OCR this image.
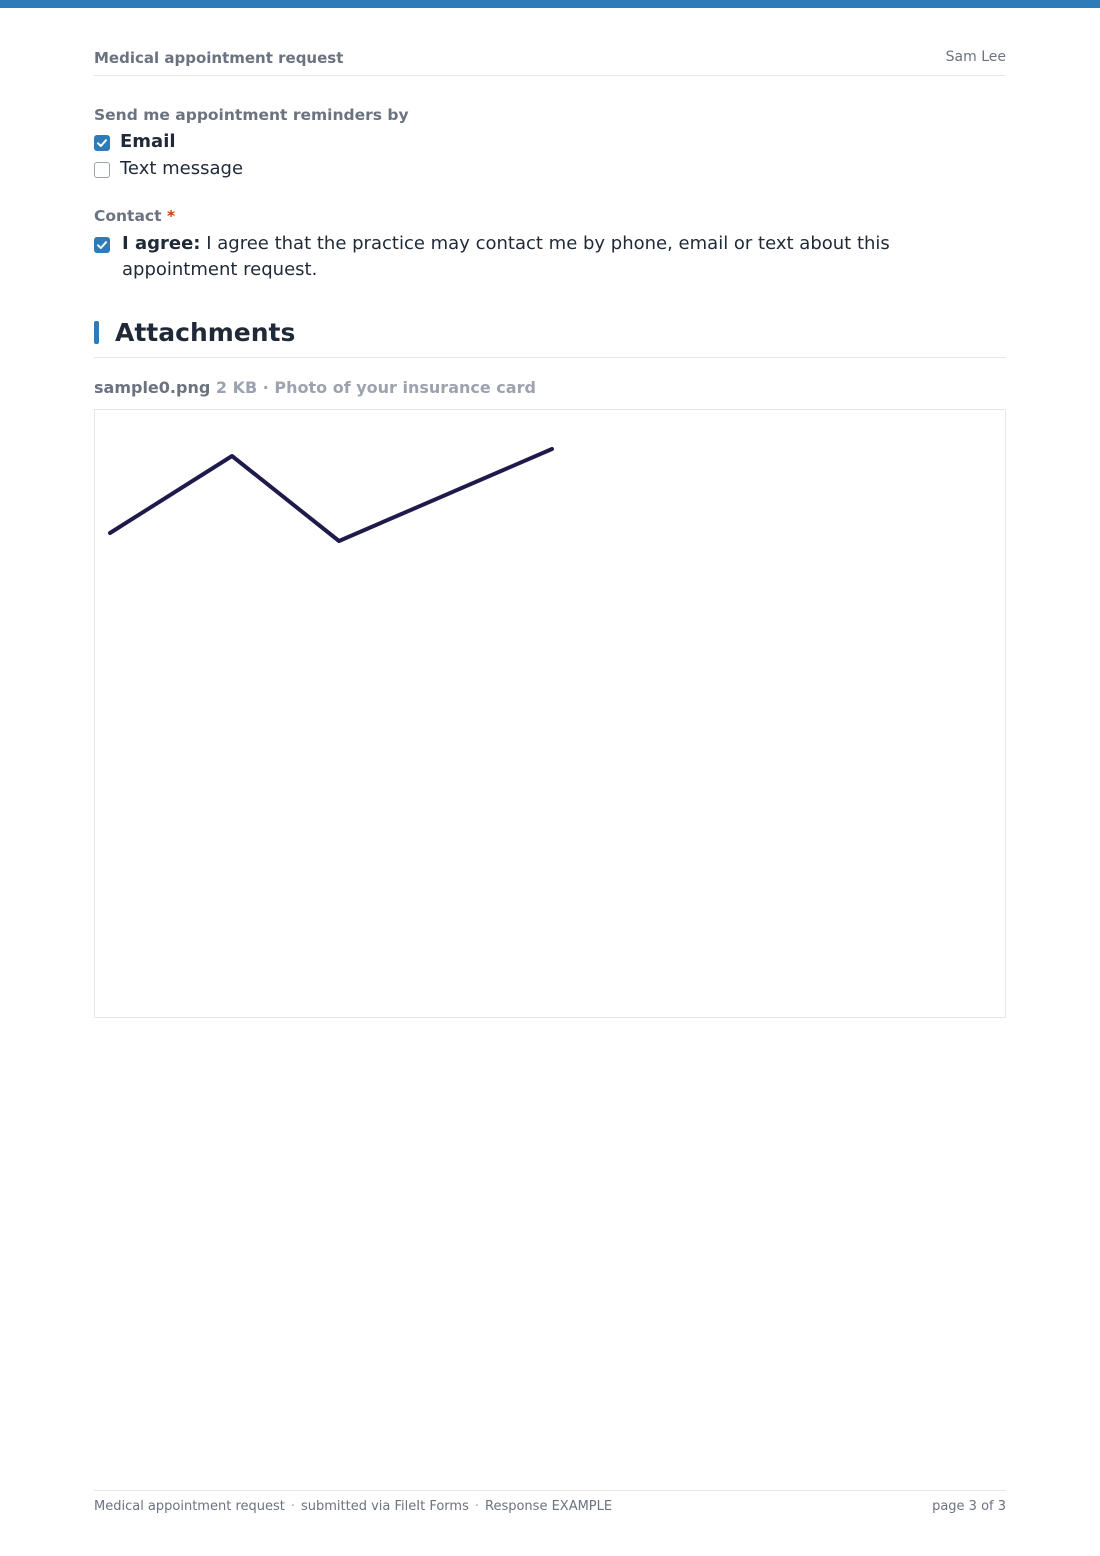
Medical appointment request	Sam Lee
Send me appointment reminders by
Email
Text message
Contact *
I agree: I agree that the practice may contact me by phone, email or text about this appointment request.
Attachments
sample0.png 2 KB · Photo of your insurance card
Medical appointment request · submitted via FileIt Forms · Response EXAMPLE	page 3 of 3
